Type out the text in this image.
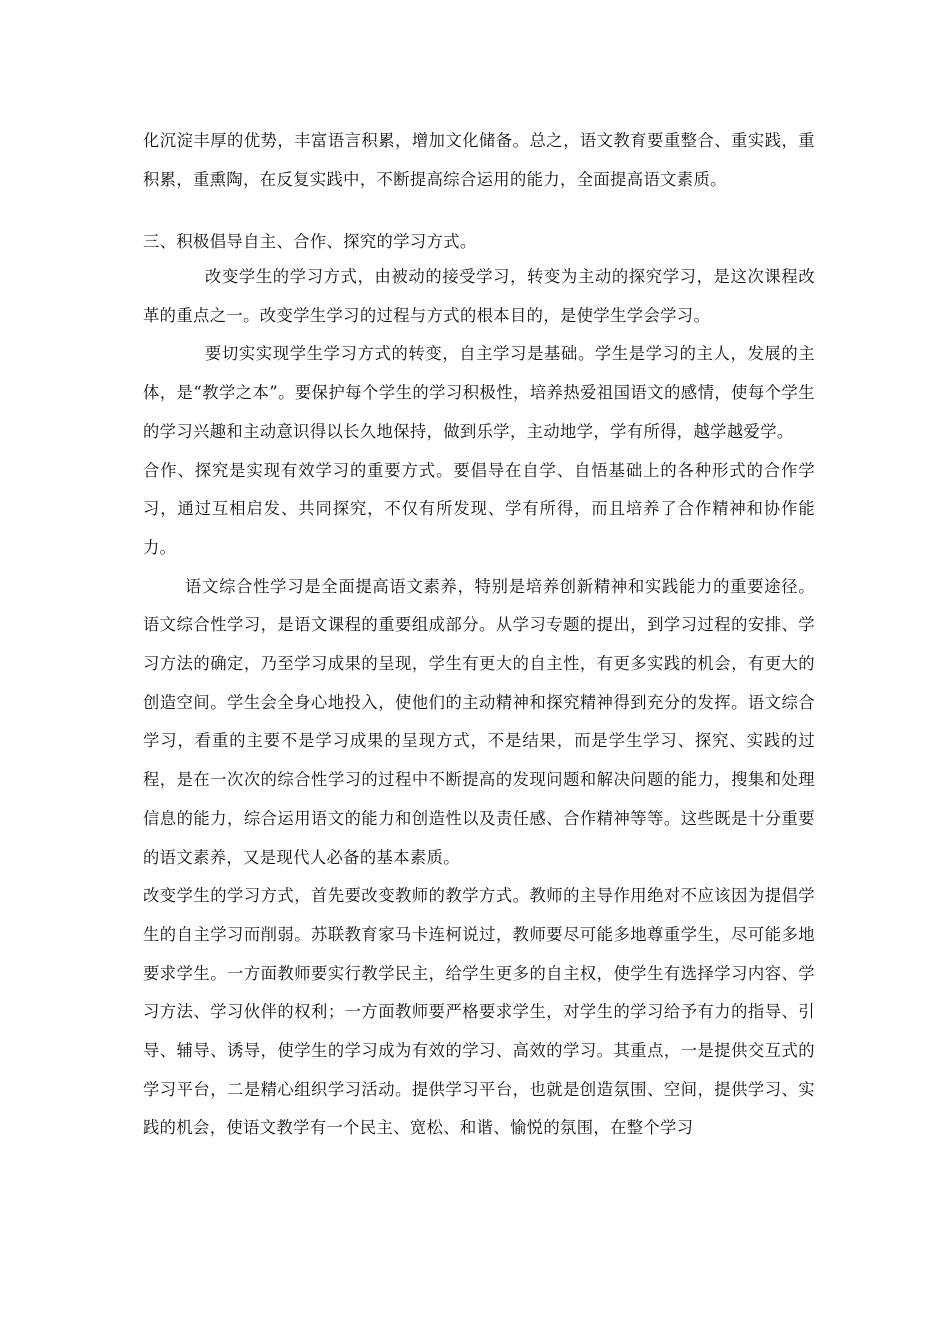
化沉淀丰厚的优势，丰富语言积累，增加文化储备。总之，语文教育要重整合、重实践，重积累，重熏陶，在反复实践中，不断提高综合运用的能力，全面提高语文素质。

三、积极倡导自主、合作、探究的学习方式。

改变学生的学习方式，由被动的接受学习，转变为主动的探究学习，是这次课程改革的重点之一。改变学生学习的过程与方式的根本目的，是使学生学会学习。

要切实实现学生学习方式的转变，自主学习是基础。学生是学习的主人，发展的主体，是“教学之本”。要保护每个学生的学习积极性，培养热爱祖国语文的感情，使每个学生的学习兴趣和主动意识得以长久地保持，做到乐学，主动地学，学有所得，越学越爱学。

合作、探究是实现有效学习的重要方式。要倡导在自学、自悟基础上的各种形式的合作学习，通过互相启发、共同探究，不仅有所发现、学有所得，而且培养了合作精神和协作能力。

语文综合性学习是全面提高语文素养，特别是培养创新精神和实践能力的重要途径。语文综合性学习，是语文课程的重要组成部分。从学习专题的提出，到学习过程的安排、学习方法的确定，乃至学习成果的呈现，学生有更大的自主性，有更多实践的机会，有更大的创造空间。学生会全身心地投入，使他们的主动精神和探究精神得到充分的发挥。语文综合学习，看重的主要不是学习成果的呈现方式，不是结果，而是学生学习、探究、实践的过程，是在一次次的综合性学习的过程中不断提高的发现问题和解决问题的能力，搜集和处理信息的能力，综合运用语文的能力和创造性以及责任感、合作精神等等。这些既是十分重要的语文素养，又是现代人必备的基本素质。

改变学生的学习方式，首先要改变教师的教学方式。教师的主导作用绝对不应该因为提倡学生的自主学习而削弱。苏联教育家马卡连柯说过，教师要尽可能多地尊重学生，尽可能多地要求学生。一方面教师要实行教学民主，给学生更多的自主权，使学生有选择学习内容、学习方法、学习伙伴的权利；一方面教师要严格要求学生，对学生的学习给予有力的指导、引导、辅导、诱导，使学生的学习成为有效的学习、高效的学习。其重点，一是提供交互式的学习平台，二是精心组织学习活动。提供学习平台，也就是创造氛围、空间，提供学习、实践的机会，使语文教学有一个民主、宽松、和谐、愉悦的氛围，在整个学习
